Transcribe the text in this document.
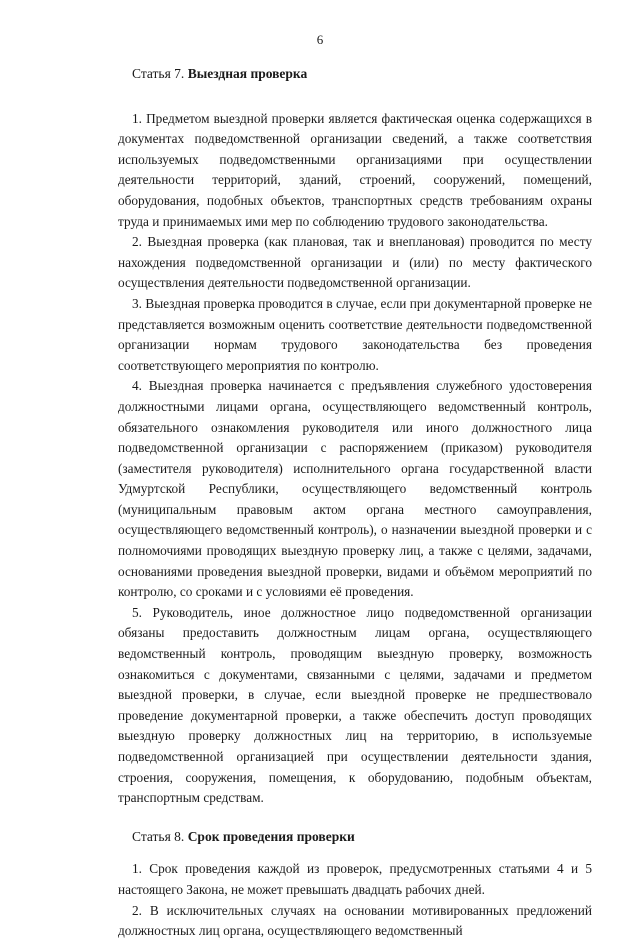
6
Статья 7. Выездная проверка

1. Предметом выездной проверки является фактическая оценка содержащихся в документах подведомственной организации сведений, а также соответствия используемых подведомственными организациями при осуществлении деятельности территорий, зданий, строений, сооружений, помещений, оборудования, подобных объектов, транспортных средств требованиям охраны труда и принимаемых ими мер по соблюдению трудового законодательства.

2. Выездная проверка (как плановая, так и внеплановая) проводится по месту нахождения подведомственной организации и (или) по месту фактического осуществления деятельности подведомственной организации.

3. Выездная проверка проводится в случае, если при документарной проверке не представляется возможным оценить соответствие деятельности подведомственной организации нормам трудового законодательства без проведения соответствующего мероприятия по контролю.

4. Выездная проверка начинается с предъявления служебного удостоверения должностными лицами органа, осуществляющего ведомственный контроль, обязательного ознакомления руководителя или иного должностного лица подведомственной организации с распоряжением (приказом) руководителя (заместителя руководителя) исполнительного органа государственной власти Удмуртской Республики, осуществляющего ведомственный контроль (муниципальным правовым актом органа местного самоуправления, осуществляющего ведомственный контроль), о назначении выездной проверки и с полномочиями проводящих выездную проверку лиц, а также с целями, задачами, основаниями проведения выездной проверки, видами и объёмом мероприятий по контролю, со сроками и с условиями её проведения.

5. Руководитель, иное должностное лицо подведомственной организации обязаны предоставить должностным лицам органа, осуществляющего ведомственный контроль, проводящим выездную проверку, возможность ознакомиться с документами, связанными с целями, задачами и предметом выездной проверки, в случае, если выездной проверке не предшествовало проведение документарной проверки, а также обеспечить доступ проводящих выездную проверку должностных лиц на территорию, в используемые подведомственной организацией при осуществлении деятельности здания, строения, сооружения, помещения, к оборудованию, подобным объектам, транспортным средствам.

Статья 8. Срок проведения проверки

1. Срок проведения каждой из проверок, предусмотренных статьями 4 и 5 настоящего Закона, не может превышать двадцать рабочих дней.

2. В исключительных случаях на основании мотивированных предложений должностных лиц органа, осуществляющего ведомственный
